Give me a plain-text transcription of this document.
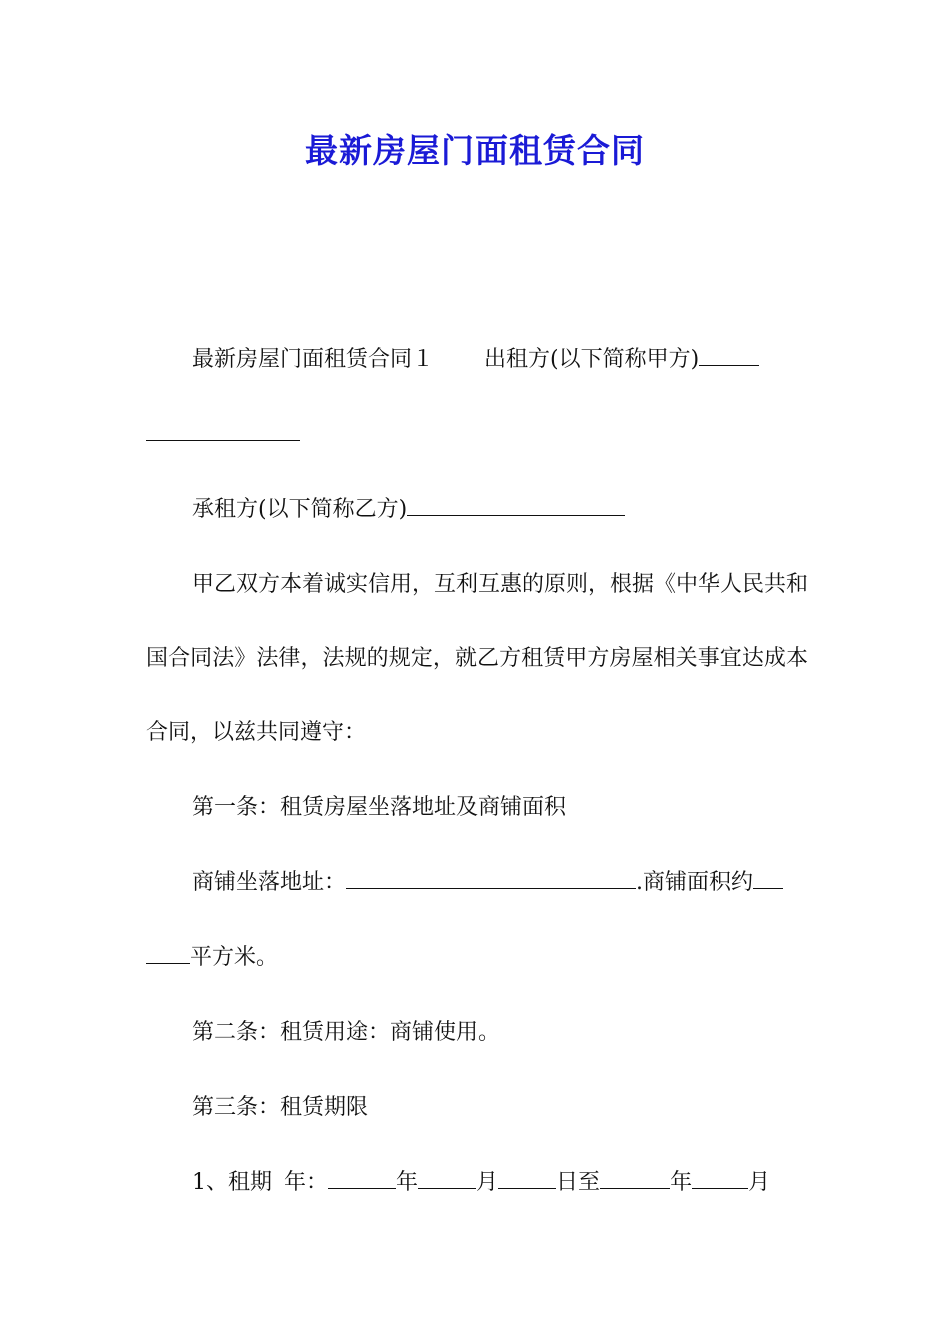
最新房屋门面租赁合同
最新房屋门面租赁合同１ 出租方(以下简称甲方)
承租方(以下简称乙方)
甲乙双方本着诚实信用，互利互惠的原则，根据《中华人民共和国合同法》法律，法规的规定，就乙方租赁甲方房屋相关事宜达成本合同，以兹共同遵守：
第一条：租赁房屋坐落地址及商铺面积
商铺坐落地址：	.商铺面积约
平方米。
第二条：租赁用途：商铺使用。
第三条：租赁期限
1、租期 年：	年	月	日至	年	月
